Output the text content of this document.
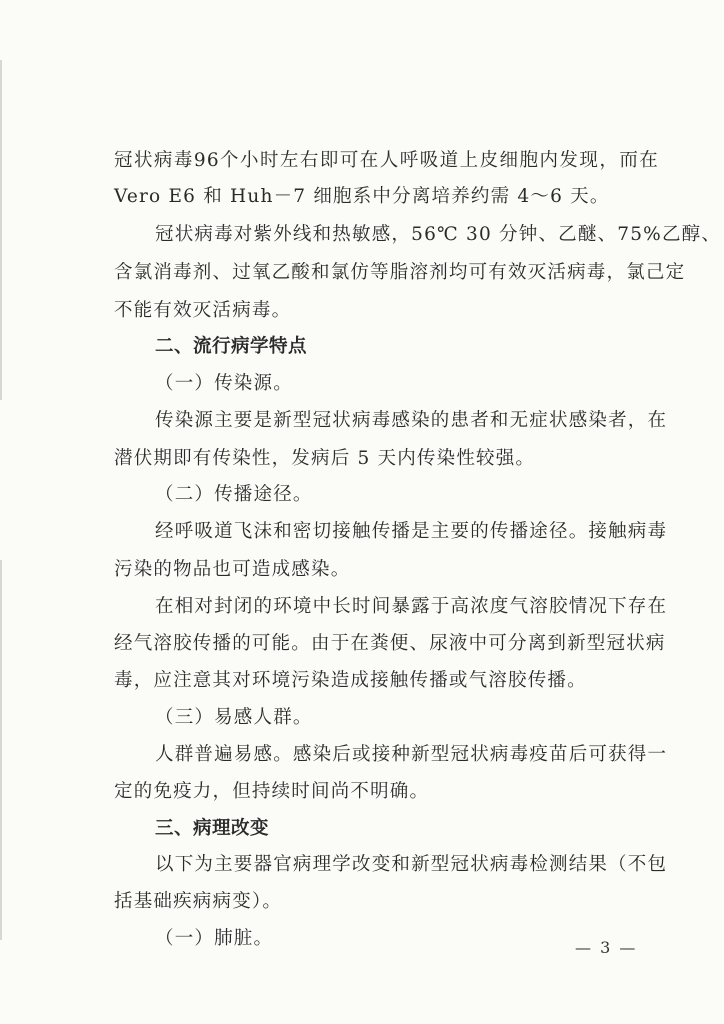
冠状病毒96个小时左右即可在人呼吸道上皮细胞内发现，而在
Vero E6 和 Huh－7 细胞系中分离培养约需 4～6 天。
冠状病毒对紫外线和热敏感，56℃ 30 分钟、乙醚、75%乙醇、
含氯消毒剂、过氧乙酸和氯仿等脂溶剂均可有效灭活病毒，氯己定
不能有效灭活病毒。
二、流行病学特点
（一）传染源。
传染源主要是新型冠状病毒感染的患者和无症状感染者，在
潜伏期即有传染性，发病后 5 天内传染性较强。
（二）传播途径。
经呼吸道飞沫和密切接触传播是主要的传播途径。接触病毒
污染的物品也可造成感染。
在相对封闭的环境中长时间暴露于高浓度气溶胶情况下存在
经气溶胶传播的可能。由于在粪便、尿液中可分离到新型冠状病
毒，应注意其对环境污染造成接触传播或气溶胶传播。
（三）易感人群。
人群普遍易感。感染后或接种新型冠状病毒疫苗后可获得一
定的免疫力，但持续时间尚不明确。
三、病理改变
以下为主要器官病理学改变和新型冠状病毒检测结果（不包
括基础疾病病变）。
（一）肺脏。	— 3 —
